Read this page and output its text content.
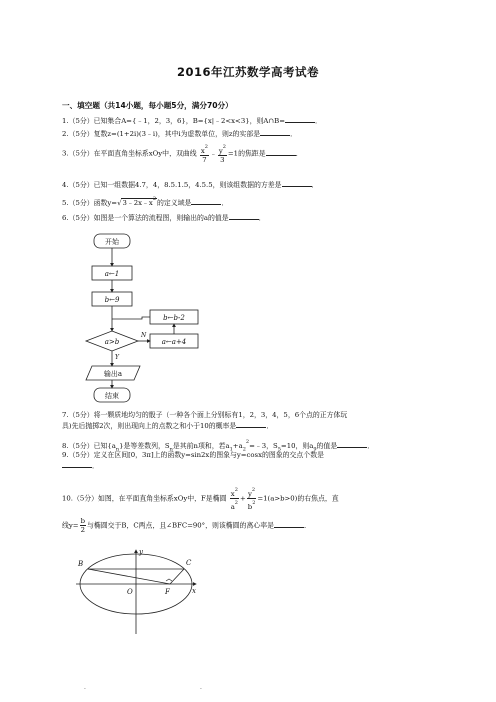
2016年江苏数学高考试卷
一、填空题（共14小题，每小题5分，满分70分）
1.（5分）已知集合A={﹣1，2，3，6}，B={x|﹣2<x<3}，则A∩B=	．
2.（5分）复数z=(1+2i)(3﹣i)，其中i为虚数单位，则z的实部是	．
3.（5分）在平面直角坐标系xOy中，双曲线 $\frac{x^2}{7}$ ﹣ $\frac{y^2}{3} =1$的焦距是	．
4.（5分）已知一组数据4.7，4，8.5.1.5，4.5.5，则该组数据的方差是	．
5.（5分）函数$y=√3﹣2x﹣x^2$的定义域是	．
6.（5分）如图是一个算法的流程图，则输出的a的值是	．
开始
a←1
b←9
a>b
N
Y
b←b-2
a←a+4
输出a
结束
7.（5分）将一颗质地均匀的骰子（一种各个面上分别标有1，2，3，4，5，6个点的正方体玩
具)先后抛掷2次，则出现向上的点数之和小于10的概率是	．
8.（5分）已知$\{a_n\}$是等差数列，$S_n$是其前n项和，若$a_1+a_2^2=﹣3$，$S_5=10$，则$a_9$的值是	．
9.（5分）定义在区间[0，3π]上的函数y=sin2x的图象与y=cosx的图象的交点个数是
．
10.（5分）如图，在平面直角坐标系xOy中，F是椭圆 $\frac{x^2}{a^2} + \frac{y^2}{b^2} =1(a>b>0)$的右焦点，直
线$y= \frac{b}{2}$ 与椭圆交于B，C两点，且∠BFC=90°，则该椭圆的离心率是	．
y
x
B	C
O	F
·	·
